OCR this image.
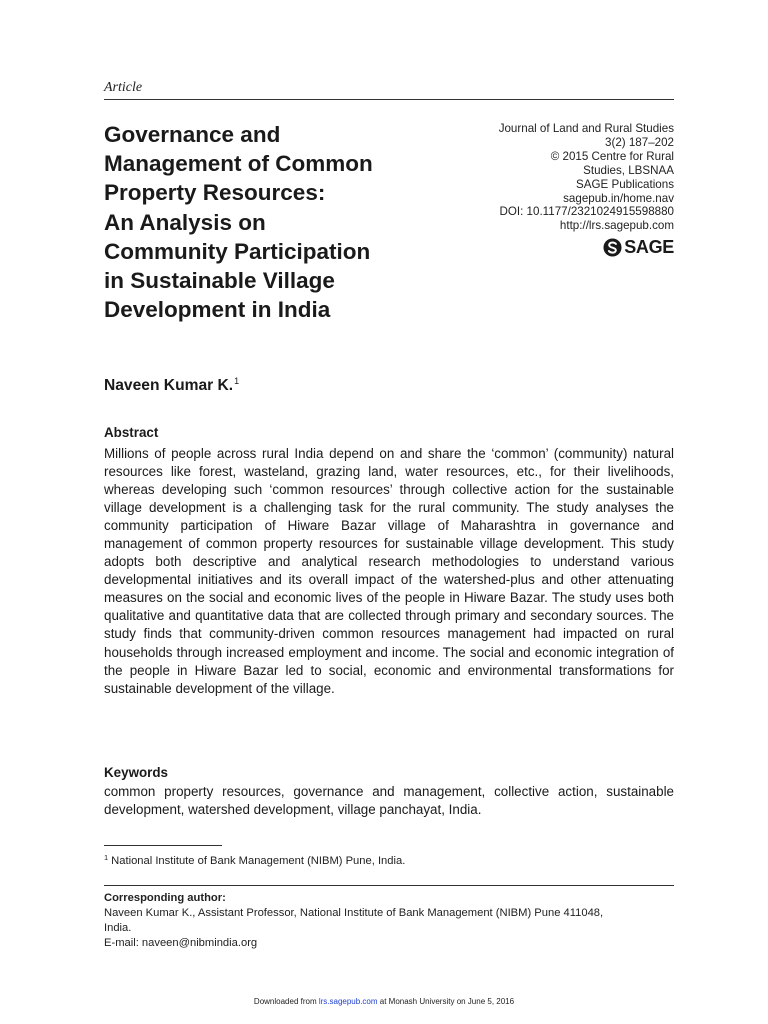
Article
Governance and
Management of Common
Property Resources:
An Analysis on
Community Participation
in Sustainable Village
Development in India
Journal of Land and Rural Studies
3(2) 187–202
© 2015 Centre for Rural
Studies, LBSNAA
SAGE Publications
sagepub.in/home.nav
DOI: 10.1177/2321024915598880
http://lrs.sagepub.com
SAGE
Naveen Kumar K.$^1$
Abstract

Millions of people across rural India depend on and share the ‘common’ (community) natural resources like forest, wasteland, grazing land, water resources, etc., for their livelihoods, whereas developing such ‘common resources’ through collective action for the sustainable village development is a challenging task for the rural community. The study analyses the community participation of Hiware Bazar village of Maharashtra in governance and management of common property resources for sustainable village development. This study adopts both descriptive and analytical research methodologies to understand various developmental initiatives and its overall impact of the watershed-plus and other attenuating measures on the social and economic lives of the people in Hiware Bazar. The study uses both qualitative and quantitative data that are collected through primary and secondary sources. The study finds that community-driven common resources management had impacted on rural households through increased employment and income. The social and economic integration of the people in Hiware Bazar led to social, economic and environmental transformations for sustainable development of the village.

Keywords

common property resources, governance and management, collective action, sustainable development, watershed development, village panchayat, India.

$^1$ National Institute of Bank Management (NIBM) Pune, India.
Corresponding author:
Naveen Kumar K., Assistant Professor, National Institute of Bank Management (NIBM) Pune 411048,
India.
E-mail: naveen@nibmindia.org
Downloaded from lrs.sagepub.com at Monash University on June 5, 2016
